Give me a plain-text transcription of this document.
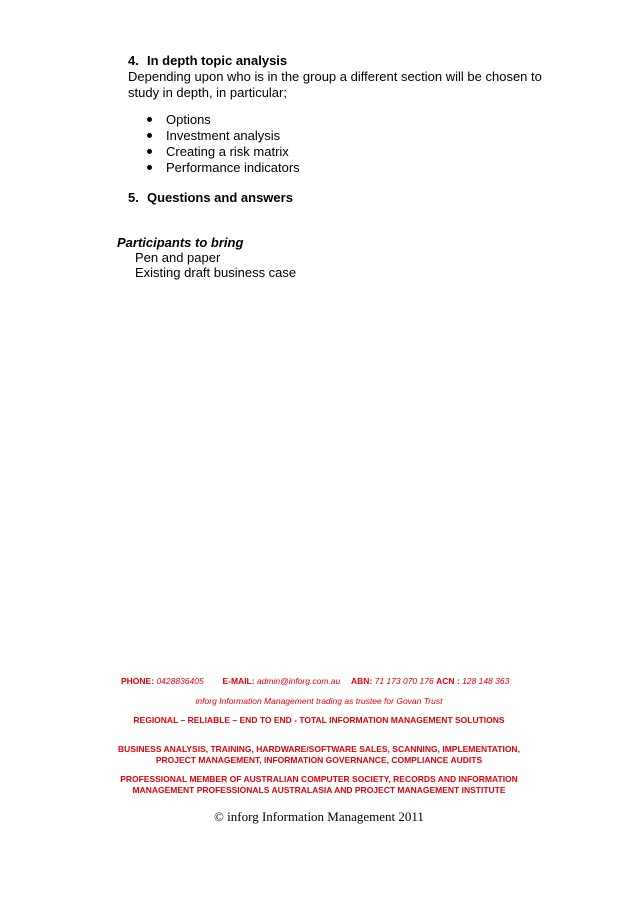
4. In depth topic analysis
Depending upon who is in the group a different section will be chosen to
study in depth, in particular;
Options
Investment analysis
Creating a risk matrix
Performance indicators
5. Questions and answers
Participants to bring
Pen and paper
Existing draft business case
PHONE: 0428836405 E-MAIL: admin@inforg.com.au ABN: 71 173 070 176 ACN : 128 148 363
inforg Information Management trading as trustee for Govan Trust
REGIONAL – RELIABLE – END TO END - TOTAL INFORMATION MANAGEMENT SOLUTIONS
BUSINESS ANALYSIS, TRAINING, HARDWARE/SOFTWARE SALES, SCANNING, IMPLEMENTATION,
PROJECT MANAGEMENT, INFORMATION GOVERNANCE, COMPLIANCE AUDITS
PROFESSIONAL MEMBER OF AUSTRALIAN COMPUTER SOCIETY, RECORDS AND INFORMATION
MANAGEMENT PROFESSIONALS AUSTRALASIA AND PROJECT MANAGEMENT INSTITUTE
© inforg Information Management 2011
